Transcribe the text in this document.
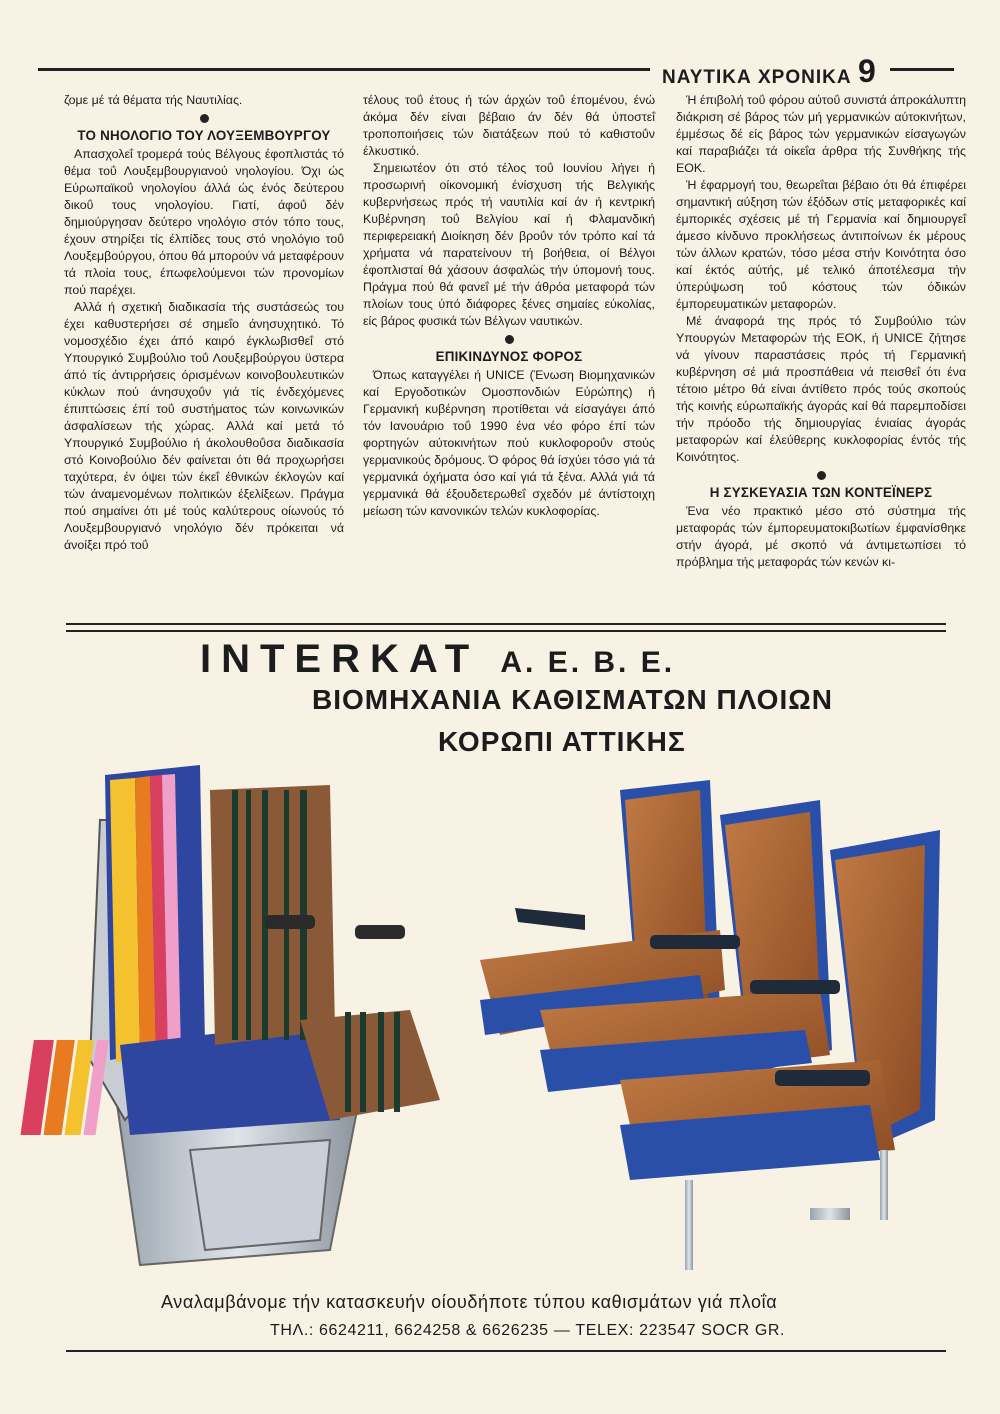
ΝΑΥΤΙΚΑ ΧΡΟΝΙΚΑ 9

ζομε μέ τά θέματα τής Ναυτιλίας.

ΤΟ ΝΗΟΛΟΓΙΟ ΤΟΥ ΛΟΥΞΕΜΒΟΥΡΓΟΥ

Απασχολεΐ τρομερά τούς Βέλγους έφοπλιστάς τό θέμα τοΰ Λουξεμβουργιανού νηολογίου. Όχι ώς Εύρωπαϊκοΰ νηολογίου άλλά ώς ένός δεύτερου δικοΰ τους νηολογίου. Γιατί, άφοΰ δέν δημιούργησαν δεύτερο νηολόγιο στόν τόπο τους, έχουν στηρίξει τίς έλπίδες τους στό νηολόγιο τοΰ Λουξεμβούργου, όπου θά μπορούν νά μεταφέρουν τά πλοία τους, έπωφελούμενοι τών προνομίων πού παρέχει.

Αλλά ή σχετική διαδικασία τής συστάσεώς του έχει καθυστερήσει σέ σημεΐο άνησυχητικό. Τό νομοσχέδιο έχει άπό καιρό έγκλωβισθεΐ στό Υπουργικό Συμβούλιο τοΰ Λουξεμβούργου ϋστερα άπό τίς άντιρρήσεις όρισμένων κοινοβουλευτικών κύκλων πού άνησυχοΰν γιά τίς ένδεχόμενες έπιπτώσεις έπί τοΰ συστήματος τών κοινωνικών άσφαλίσεων τής χώρας. Αλλά καί μετά τό Υπουργικό Συμβούλιο ή άκολουθοΰσα διαδικασία στό Κοινοβούλιο δέν φαίνεται ότι θά προχωρήσει ταχύτερα, έν όψει τών έκεΐ έθνικών έκλογών καί τών άναμενομένων πολιτικών έξελίξεων. Πράγμα πού σημαίνει ότι μέ τούς καλύτερους οίωνούς τό Λουξεμβουργιανό νηολόγιο δέν πρόκειται νά άνοίξει πρό τοΰ

τέλους τοΰ έτους ή τών άρχών τοΰ έπομένου, ένώ άκόμα δέν είναι βέβαιο άν δέν θά ύποστεΐ τροποποιήσεις τών διατάξεων πού τό καθιστοΰν έλκυστικό.

Σημειωτέον ότι στό τέλος τοΰ Ιουνίου λήγει ή προσωρινή οίκονομική ένίσχυση τής Βελγικής κυβερνήσεως πρός τή ναυτιλία καί άν ή κεντρική Κυβέρνηση τοΰ Βελγίου καί ή Φλαμανδική περιφερειακή Διοίκηση δέν βροΰν τόν τρόπο καί τά χρήματα νά παρατείνουν τή βοήθεια, οί Βέλγοι έφοπλισταί θά χάσουν άσφαλώς τήν ύπομονή τους. Πράγμα πού θά φανεΐ μέ τήν άθρόα μεταφορά τών πλοίων τους ύπό διάφορες ξένες σημαίες εύκολίας, είς βάρος φυσικά τών Βέλγων ναυτικών.

ΕΠΙΚΙΝΔΥΝΟΣ ΦΟΡΟΣ

Όπως καταγγέλει ή UNICE (Ένωση Βιομηχανικών καί Εργοδοτικών Ομοσπονδιών Εύρώπης) ή Γερμανική κυβέρνηση προτίθεται νά είσαγάγει άπό τόν Ιανουάριο τοΰ 1990 ένα νέο φόρο έπί τών φορτηγών αύτοκινήτων πού κυκλοφοροΰν στούς γερμανικούς δρόμους. Ό φόρος θά ίσχύει τόσο γιά τά γερμανικά όχήματα όσο καί γιά τά ξένα. Αλλά γιά τά γερμανικά θά έξουδετερωθεΐ σχεδόν μέ άντίστοιχη μείωση τών κανονικών τελών κυκλοφορίας.

Ή έπιβολή τοΰ φόρου αύτοΰ συνιστά άπροκάλυπτη διάκριση σέ βάρος τών μή γερμανικών αύτοκινήτων, έμμέσως δέ είς βάρος τών γερμανικών είσαγωγών καί παραβιάζει τά οίκεΐα άρθρα τής Συνθήκης τής ΕΟΚ.

Ή έφαρμογή του, θεωρεΐται βέβαιο ότι θά έπιφέρει σημαντική αύξηση τών έξόδων στίς μεταφορικές καί έμπορικές σχέσεις μέ τή Γερμανία καί δημιουργεΐ άμεσο κίνδυνο προκλήσεως άντιποίνων έκ μέρους τών άλλων κρατών, τόσο μέσα στήν Κοινότητα όσο καί έκτός αύτής, μέ τελικό άποτέλεσμα τήν ύπερύψωση τοΰ κόστους τών όδικών έμπορευματικών μεταφορών.

Μέ άναφορά της πρός τό Συμβούλιο τών Υπουργών Μεταφορών τής ΕΟΚ, ή UNICE ζήτησε νά γίνουν παραστάσεις πρός τή Γερμανική κυβέρνηση σέ μιά προσπάθεια νά πεισθεΐ ότι ένα τέτοιο μέτρο θά είναι άντίθετο πρός τούς σκοπούς τής κοινής εύρωπαϊκής άγοράς καί θά παρεμποδίσει τήν πρόοδο τής δημιουργίας ένιαίας άγοράς μεταφορών καί έλεύθερης κυκλοφορίας έντός τής Κοινότητος.

Η ΣΥΣΚΕΥΑΣΙΑ ΤΩΝ ΚΟΝΤΕΪΝΕΡΣ

Ένα νέο πρακτικό μέσο στό σύστημα τής μεταφοράς τών έμπορευματοκιβωτίων έμφανίσθηκε στήν άγορά, μέ σκοπό νά άντιμετωπίσει τό πρόβλημα τής μεταφοράς τών κενών κι-

INTERKAT Α. Ε. Β. Ε.
ΒΙΟΜΗΧΑΝΙΑ ΚΑΘΙΣΜΑΤΩΝ ΠΛΟΙΩΝ
ΚΟΡΩΠΙ ΑΤΤΙΚΗΣ
Αναλαμβάνομε τήν κατασκευήν οίουδήποτε τύπου καθισμάτων γιά πλοΐα
ΤΗΛ.: 6624211, 6624258 & 6626235 — TELEX: 223547 SOCR GR.
